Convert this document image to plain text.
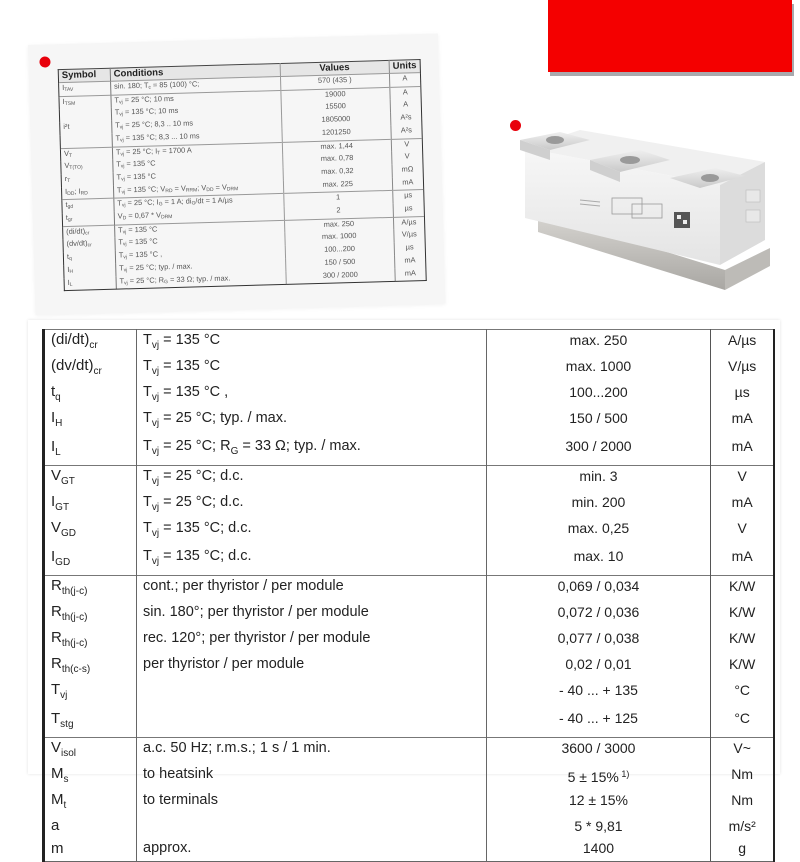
Symbol	Conditions	Values	Units
$I_{TAV}$	sin. 180; $T_c = 85$ (100) °C;	570 (435 )	A
$I_{TSM}$	$T_{vj} = 25$ °C; 10 ms	19000	A
	$T_{vj} = 135$ °C; 10 ms	15500	A
i²t	$T_{vj} = 25$ °C; 8,3 .. 10 ms	1805000	A²s
	$T_{vj} = 135$ °C; 8,3 ... 10 ms	1201250	A²s
$V_T$	$T_{vj} = 25$ °C; $I_T = 1700$ A	max. 1,44	V
$V_{T(TO)}$	$T_{vj} = 135$ °C	max. 0,78	V
$r_T$	$T_{vj} = 135$ °C	max. 0,32	mΩ
$I_{DD}$; $I_{RD}$	$T_{vj} = 135$ °C; $V_{RD} = V_{RRM}$; $V_{DD} = V_{DRM}$	max. 225	mA
$t_{gd}$	$T_{vj} = 25$ °C; $I_G = 1$ A; $di_G/dt = 1$ A/µs	1	µs
$t_{gr}$	$V_D = 0,67 * V_{DRM}$	2	µs
$(di/dt)_{cr}$	$T_{vj} = 135$ °C	max. 250	A/µs
$(dv/dt)_{cr}$	$T_{vj} = 135$ °C	max. 1000	V/µs
$t_q$	$T_{vj} = 135$ °C ,	100...200	µs
$I_H$	$T_{vj} = 25$ °C; typ. / max.	150 / 500	mA
$I_L$	$T_{vj} = 25$ °C; $R_G = 33$ Ω; typ. / max.	300 / 2000	mA
$(di/dt)_{cr}$	$T_{vj} = 135$ °C	max. 250	A/µs
$(dv/dt)_{cr}$	$T_{vj} = 135$ °C	max. 1000	V/µs
$t_q$	$T_{vj} = 135$ °C ,	100...200	µs
$I_H$	$T_{vj} = 25$ °C; typ. / max.	150 / 500	mA
$I_L$	$T_{vj} = 25$ °C; $R_G = 33$ Ω; typ. / max.	300 / 2000	mA
$V_{GT}$	$T_{vj} = 25$ °C; d.c.	min. 3	V
$I_{GT}$	$T_{vj} = 25$ °C; d.c.	min. 200	mA
$V_{GD}$	$T_{vj} = 135$ °C; d.c.	max. 0,25	V
$I_{GD}$	$T_{vj} = 135$ °C; d.c.	max. 10	mA
$R_{th(j-c)}$	cont.; per thyristor / per module	0,069 / 0,034	K/W
$R_{th(j-c)}$	sin. 180°; per thyristor / per module	0,072 / 0,036	K/W
$R_{th(j-c)}$	rec. 120°; per thyristor / per module	0,077 / 0,038	K/W
$R_{th(c-s)}$	per thyristor / per module	0,02 / 0,01	K/W
$T_{vj}$		- 40 ... + 135	°C
$T_{stg}$		- 40 ... + 125	°C
$V_{isol}$	a.c. 50 Hz; r.m.s.; 1 s / 1 min.	3600 / 3000	V~
$M_s$	to heatsink	5 ± 15% $^{1)}$	Nm
$M_t$	to terminals	12 ± 15%	Nm
a		5 * 9,81	m/s²
m	approx.	1400	g
